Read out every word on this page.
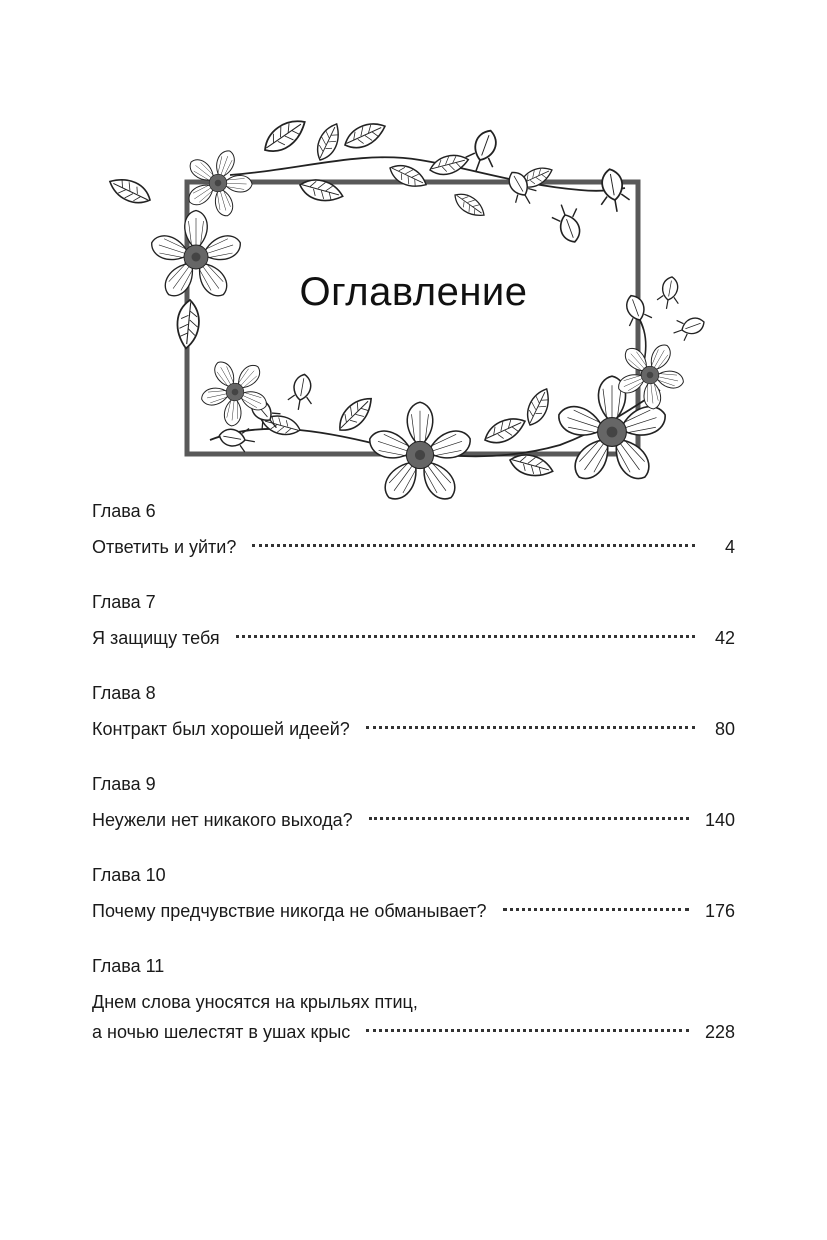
Оглавление
Глава 6
Ответить и уйти?	4
Глава 7
Я защищу тебя	42
Глава 8
Контракт был хорошей идеей?	80
Глава 9
Неужели нет никакого выхода?	140
Глава 10
Почему предчувствие никогда не обманывает?	176
Глава 11
Днем слова уносятся на крыльях птиц,
а ночью шелестят в ушах крыс	228
